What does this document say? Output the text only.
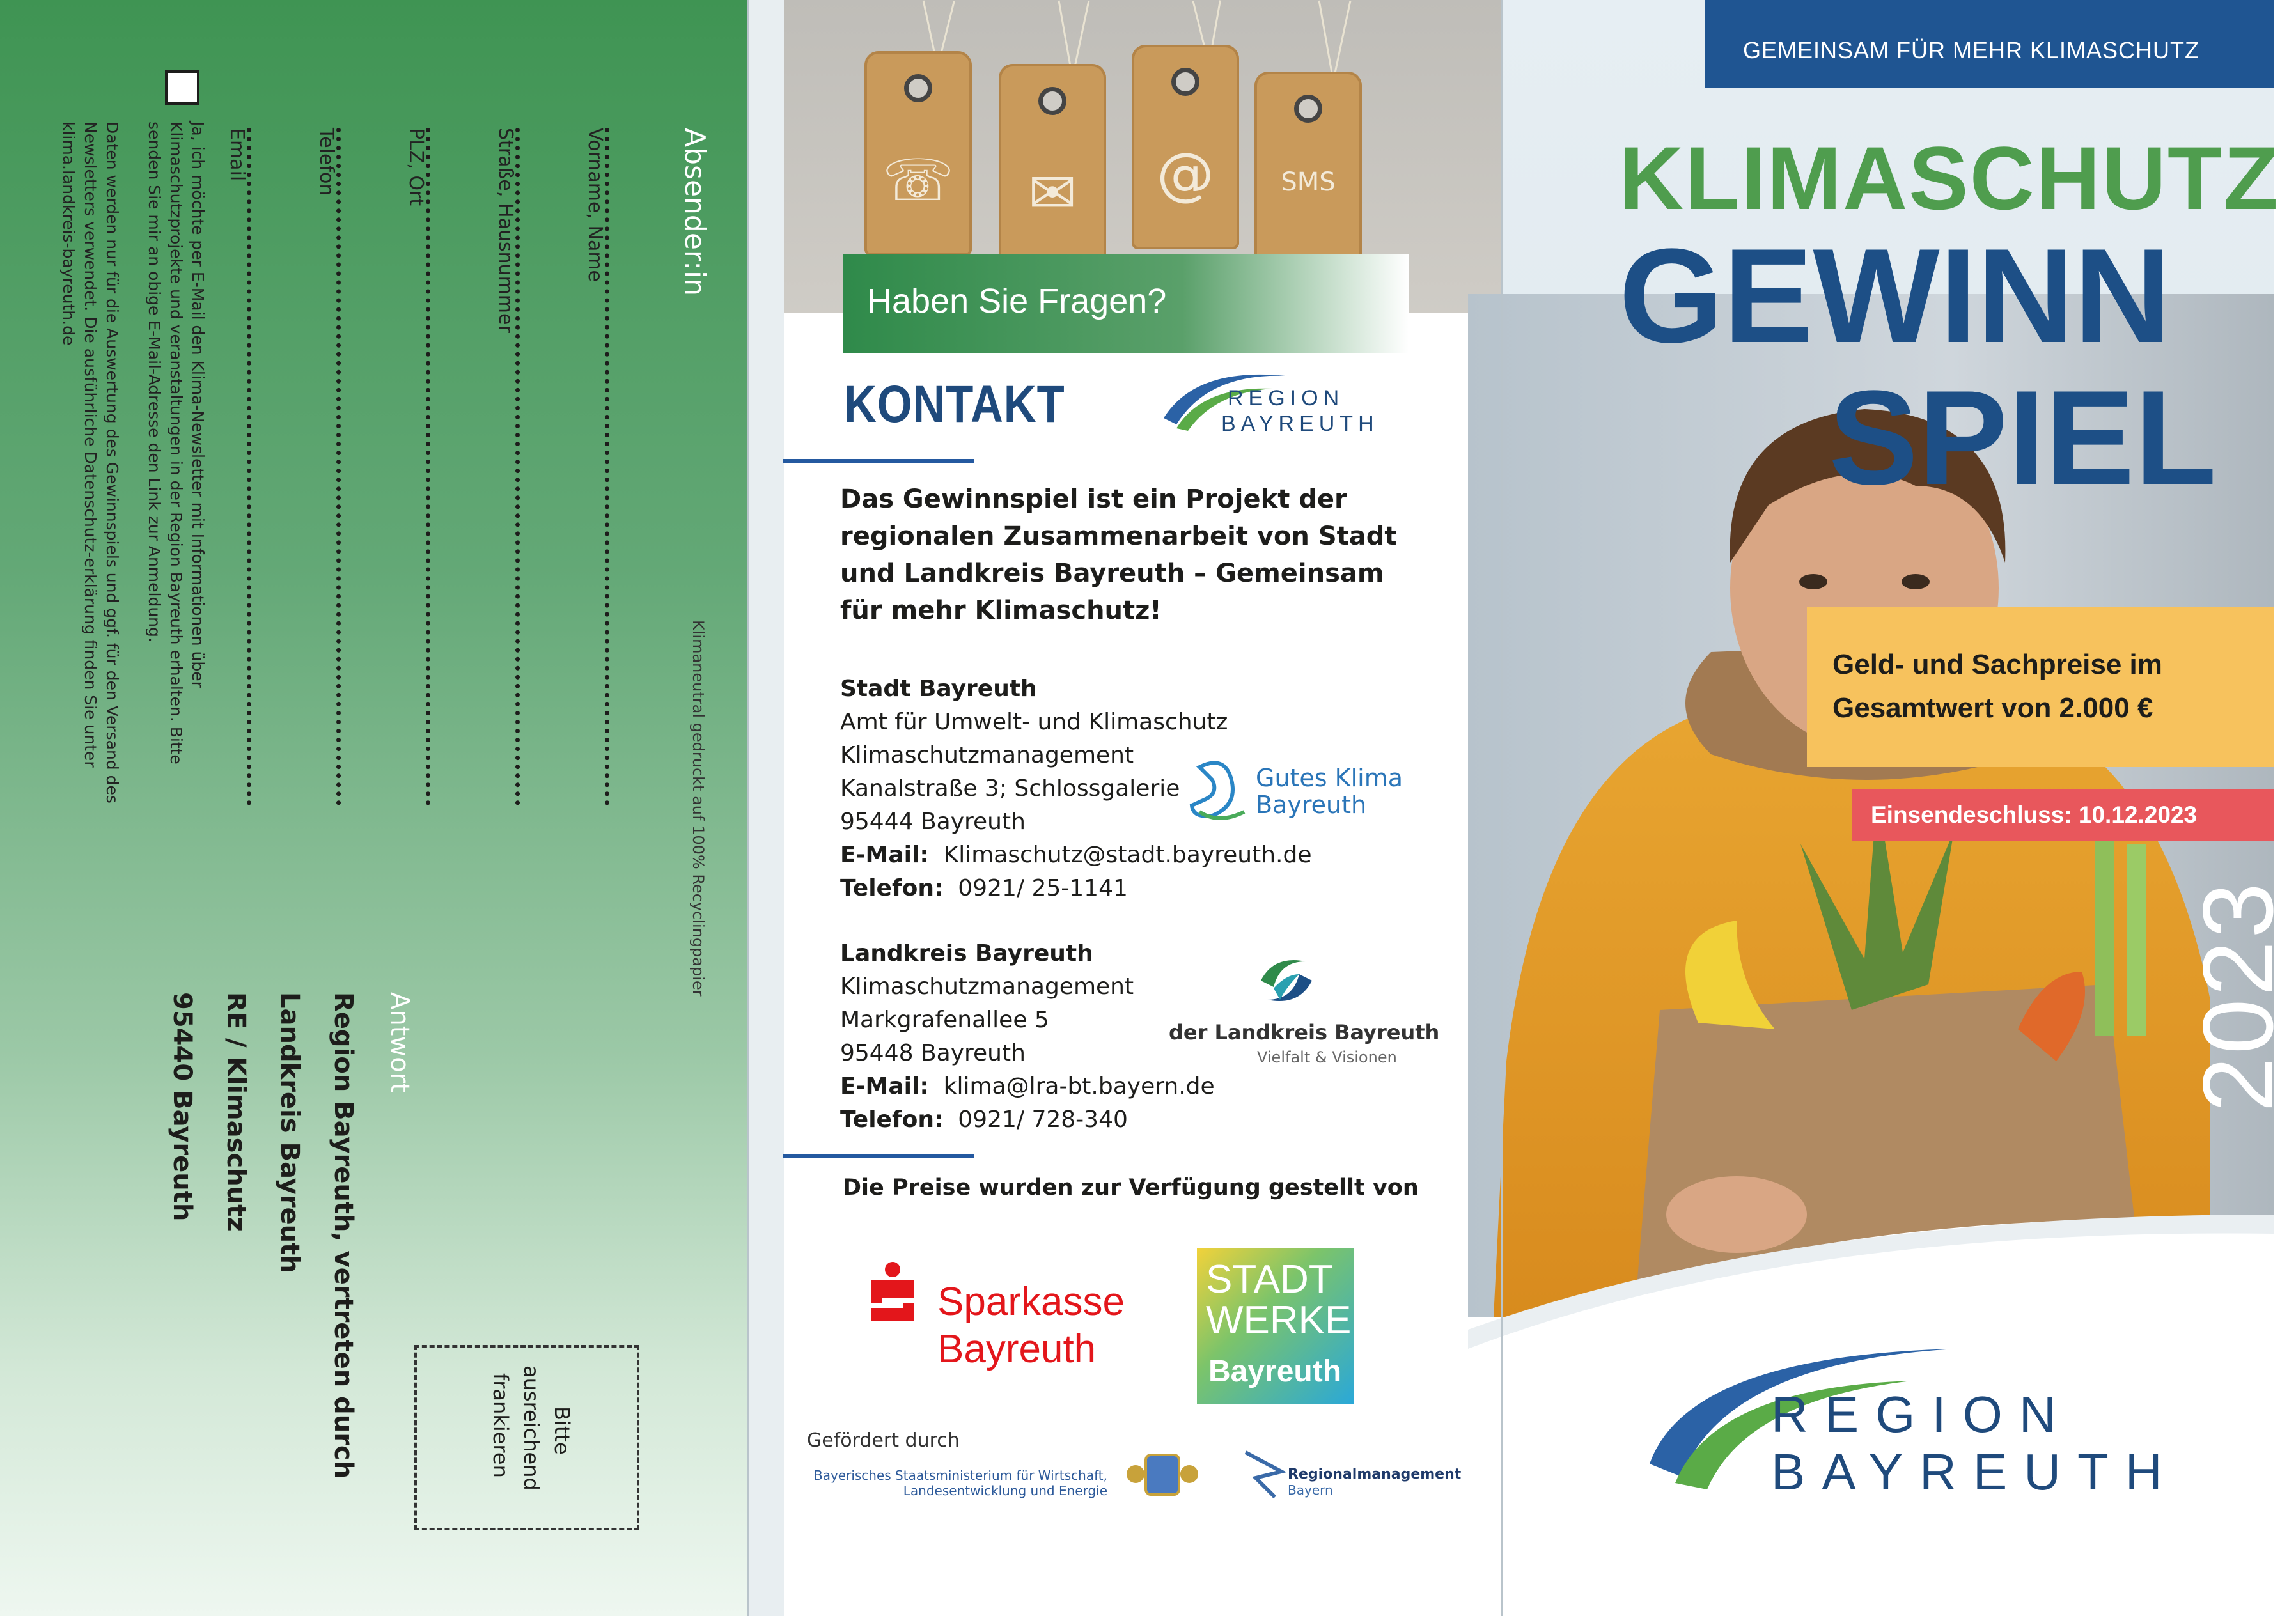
Absender:in
Vorname, Name
Straße, Hausnummer
PLZ, Ort
Telefon
Email
Ja, ich möchte per E-Mail den Klima-Newsletter mit Informationen über Klimaschutzprojekte und veranstaltungen in der Region Bayreuth erhalten. Bitte senden Sie mir an obige E-Mail-Adresse den Link zur Anmeldung.
Daten werden nur für die Auswertung des Gewinnspiels und ggf. für den Versand des Newsletters verwendet. Die ausführliche Datenschutz-erklärung finden Sie unter klima.landkreis-bayreuth.de
Klimaneutral gedruckt auf 100% Recyclingpapier
Antwort
Region Bayreuth, vertreten durch
Landkreis Bayreuth
RE / Klimaschutz
95440 Bayreuth
Bitte
ausreichend
frankieren
☏	✉	@	SMS
Haben Sie Fragen?
KONTAKT	REGION
BAYREUTH
Das Gewinnspiel ist ein Projekt der regionalen Zusammenarbeit von Stadt und Landkreis Bayreuth – Gemeinsam für mehr Klimaschutz!
Stadt Bayreuth
Amt für Umwelt- und Klimaschutz
Klimaschutzmanagement
Kanalstraße 3; Schlossgalerie
95444 Bayreuth
E-Mail: Klimaschutz@stadt.bayreuth.de
Telefon: 0921/ 25-1141
Gutes Klima
Bayreuth
Landkreis Bayreuth
Klimaschutzmanagement
Markgrafenallee 5
95448 Bayreuth
E-Mail: klima@lra-bt.bayern.de
Telefon: 0921/ 728-340
der Landkreis Bayreuth
Vielfalt & Visionen
Die Preise wurden zur Verfügung gestellt von
Sparkasse
Bayreuth
STADT
WERKE
Bayreuth
Gefördert durch
Bayerisches Staatsministerium für Wirtschaft, Landesentwicklung und Energie
Regionalmanagement
Bayern
GEMEINSAM FÜR MEHR KLIMASCHUTZ
KLIMASCHUTZ
GEWINN
SPIEL
Geld- und Sachpreise im
Gesamtwert von 2.000 €
Einsendeschluss: 10.12.2023
2023
REGION
BAYREUTH
